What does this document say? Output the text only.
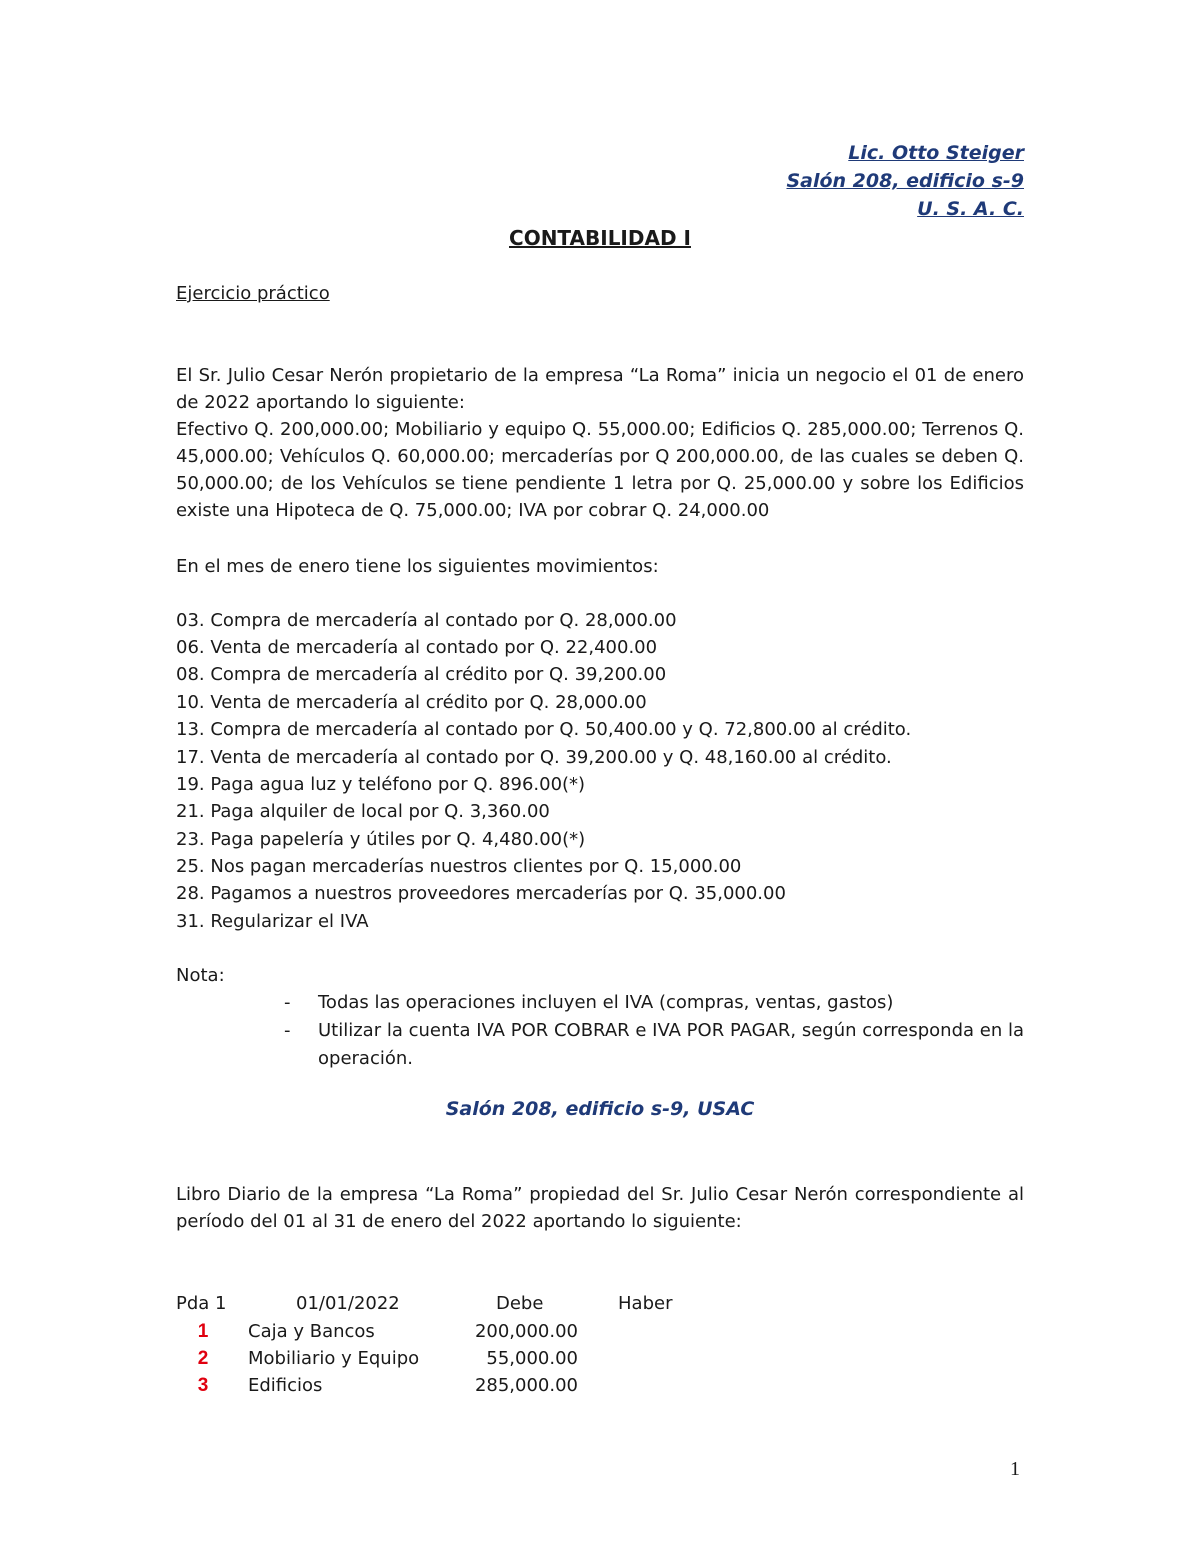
Lic. Otto Steiger
Salón 208, edificio s-9
U. S. A. C.
CONTABILIDAD I
Ejercicio práctico
El Sr. Julio Cesar Nerón propietario de la empresa “La Roma” inicia un negocio el 01 de enero de 2022 aportando lo siguiente:
Efectivo Q. 200,000.00; Mobiliario y equipo Q. 55,000.00; Edificios Q. 285,000.00; Terrenos Q. 45,000.00; Vehículos Q. 60,000.00; mercaderías por Q 200,000.00, de las cuales se deben Q. 50,000.00; de los Vehículos se tiene pendiente 1 letra por Q. 25,000.00 y sobre los Edificios existe una Hipoteca de Q. 75,000.00; IVA por cobrar Q. 24,000.00
En el mes de enero tiene los siguientes movimientos:
03. Compra de mercadería al contado por Q. 28,000.00
06. Venta de mercadería al contado por Q. 22,400.00
08. Compra de mercadería al crédito por Q. 39,200.00
10. Venta de mercadería al crédito por Q. 28,000.00
13. Compra de mercadería al contado por Q. 50,400.00 y Q. 72,800.00 al crédito.
17. Venta de mercadería al contado por Q. 39,200.00 y Q. 48,160.00 al crédito.
19. Paga agua luz y teléfono por Q. 896.00(*)
21. Paga alquiler de local por Q. 3,360.00
23. Paga papelería y útiles por Q. 4,480.00(*)
25. Nos pagan mercaderías nuestros clientes por Q. 15,000.00
28. Pagamos a nuestros proveedores mercaderías por Q. 35,000.00
31. Regularizar el IVA
Nota:
- Todas las operaciones incluyen el IVA (compras, ventas, gastos)
- Utilizar la cuenta IVA POR COBRAR e IVA POR PAGAR, según corresponda en la operación.
Salón 208, edificio s-9, USAC
Libro Diario de la empresa “La Roma” propiedad del Sr. Julio Cesar Nerón correspondiente al período del 01 al 31 de enero del 2022 aportando lo siguiente:
Pda 1	01/01/2022	Debe	Haber
1 Caja y Bancos	200,000.00
2 Mobiliario y Equipo	55,000.00
3 Edificios	285,000.00
1
